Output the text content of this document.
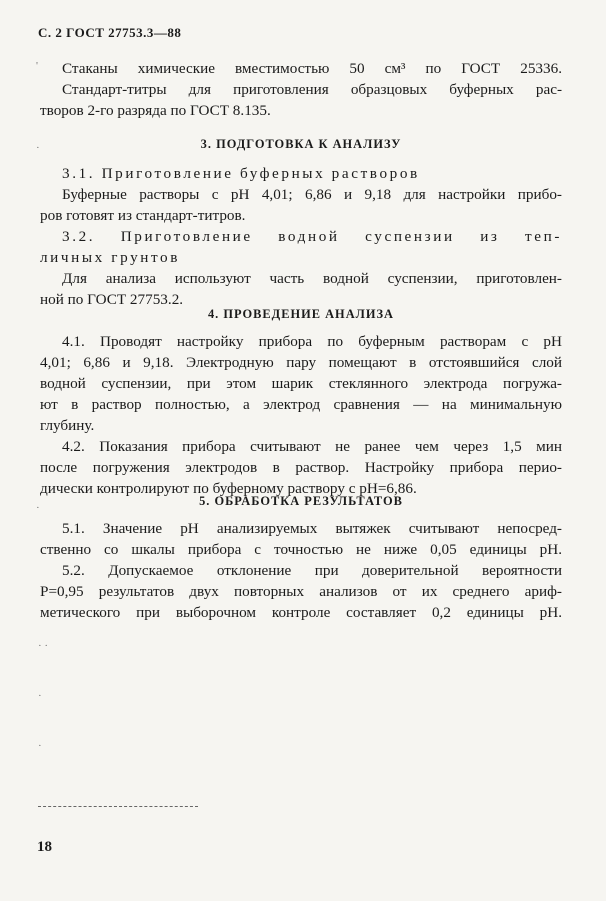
С. 2 ГОСТ 27753.3—88
Стаканы химические вместимостью 50 см³ по ГОСТ 25336.
Стандарт-титры для приготовления образцовых буферных рас-
творов 2-го разряда по ГОСТ 8.135.
3. ПОДГОТОВКА К АНАЛИЗУ
3.1. Приготовление буферных растворов
Буферные растворы с pH 4,01; 6,86 и 9,18 для настройки прибо-
ров готовят из стандарт-титров.
3.2. Приготовление водной суспензии из теп-
личных грунтов
Для анализа используют часть водной суспензии, приготовлен-
ной по ГОСТ 27753.2.
4. ПРОВЕДЕНИЕ АНАЛИЗА
4.1. Проводят настройку прибора по буферным растворам с pH
4,01; 6,86 и 9,18. Электродную пару помещают в отстоявшийся слой
водной суспензии, при этом шарик стеклянного электрода погружа-
ют в раствор полностью, а электрод сравнения — на минимальную
глубину.
4.2. Показания прибора считывают не ранее чем через 1,5 мин
после погружения электродов в раствор. Настройку прибора перио-
дически контролируют по буферному раствору с pH=6,86.
5. ОБРАБОТКА РЕЗУЛЬТАТОВ
5.1. Значение pH анализируемых вытяжек считывают непосред-
ственно со шкалы прибора с точностью не ниже 0,05 единицы pH.
5.2. Допускаемое отклонение при доверительной вероятности
P=0,95 результатов двух повторных анализов от их среднего ариф-
метического при выборочном контроле составляет 0,2 единицы pH.
'
·
·
· ·
·
·
18
